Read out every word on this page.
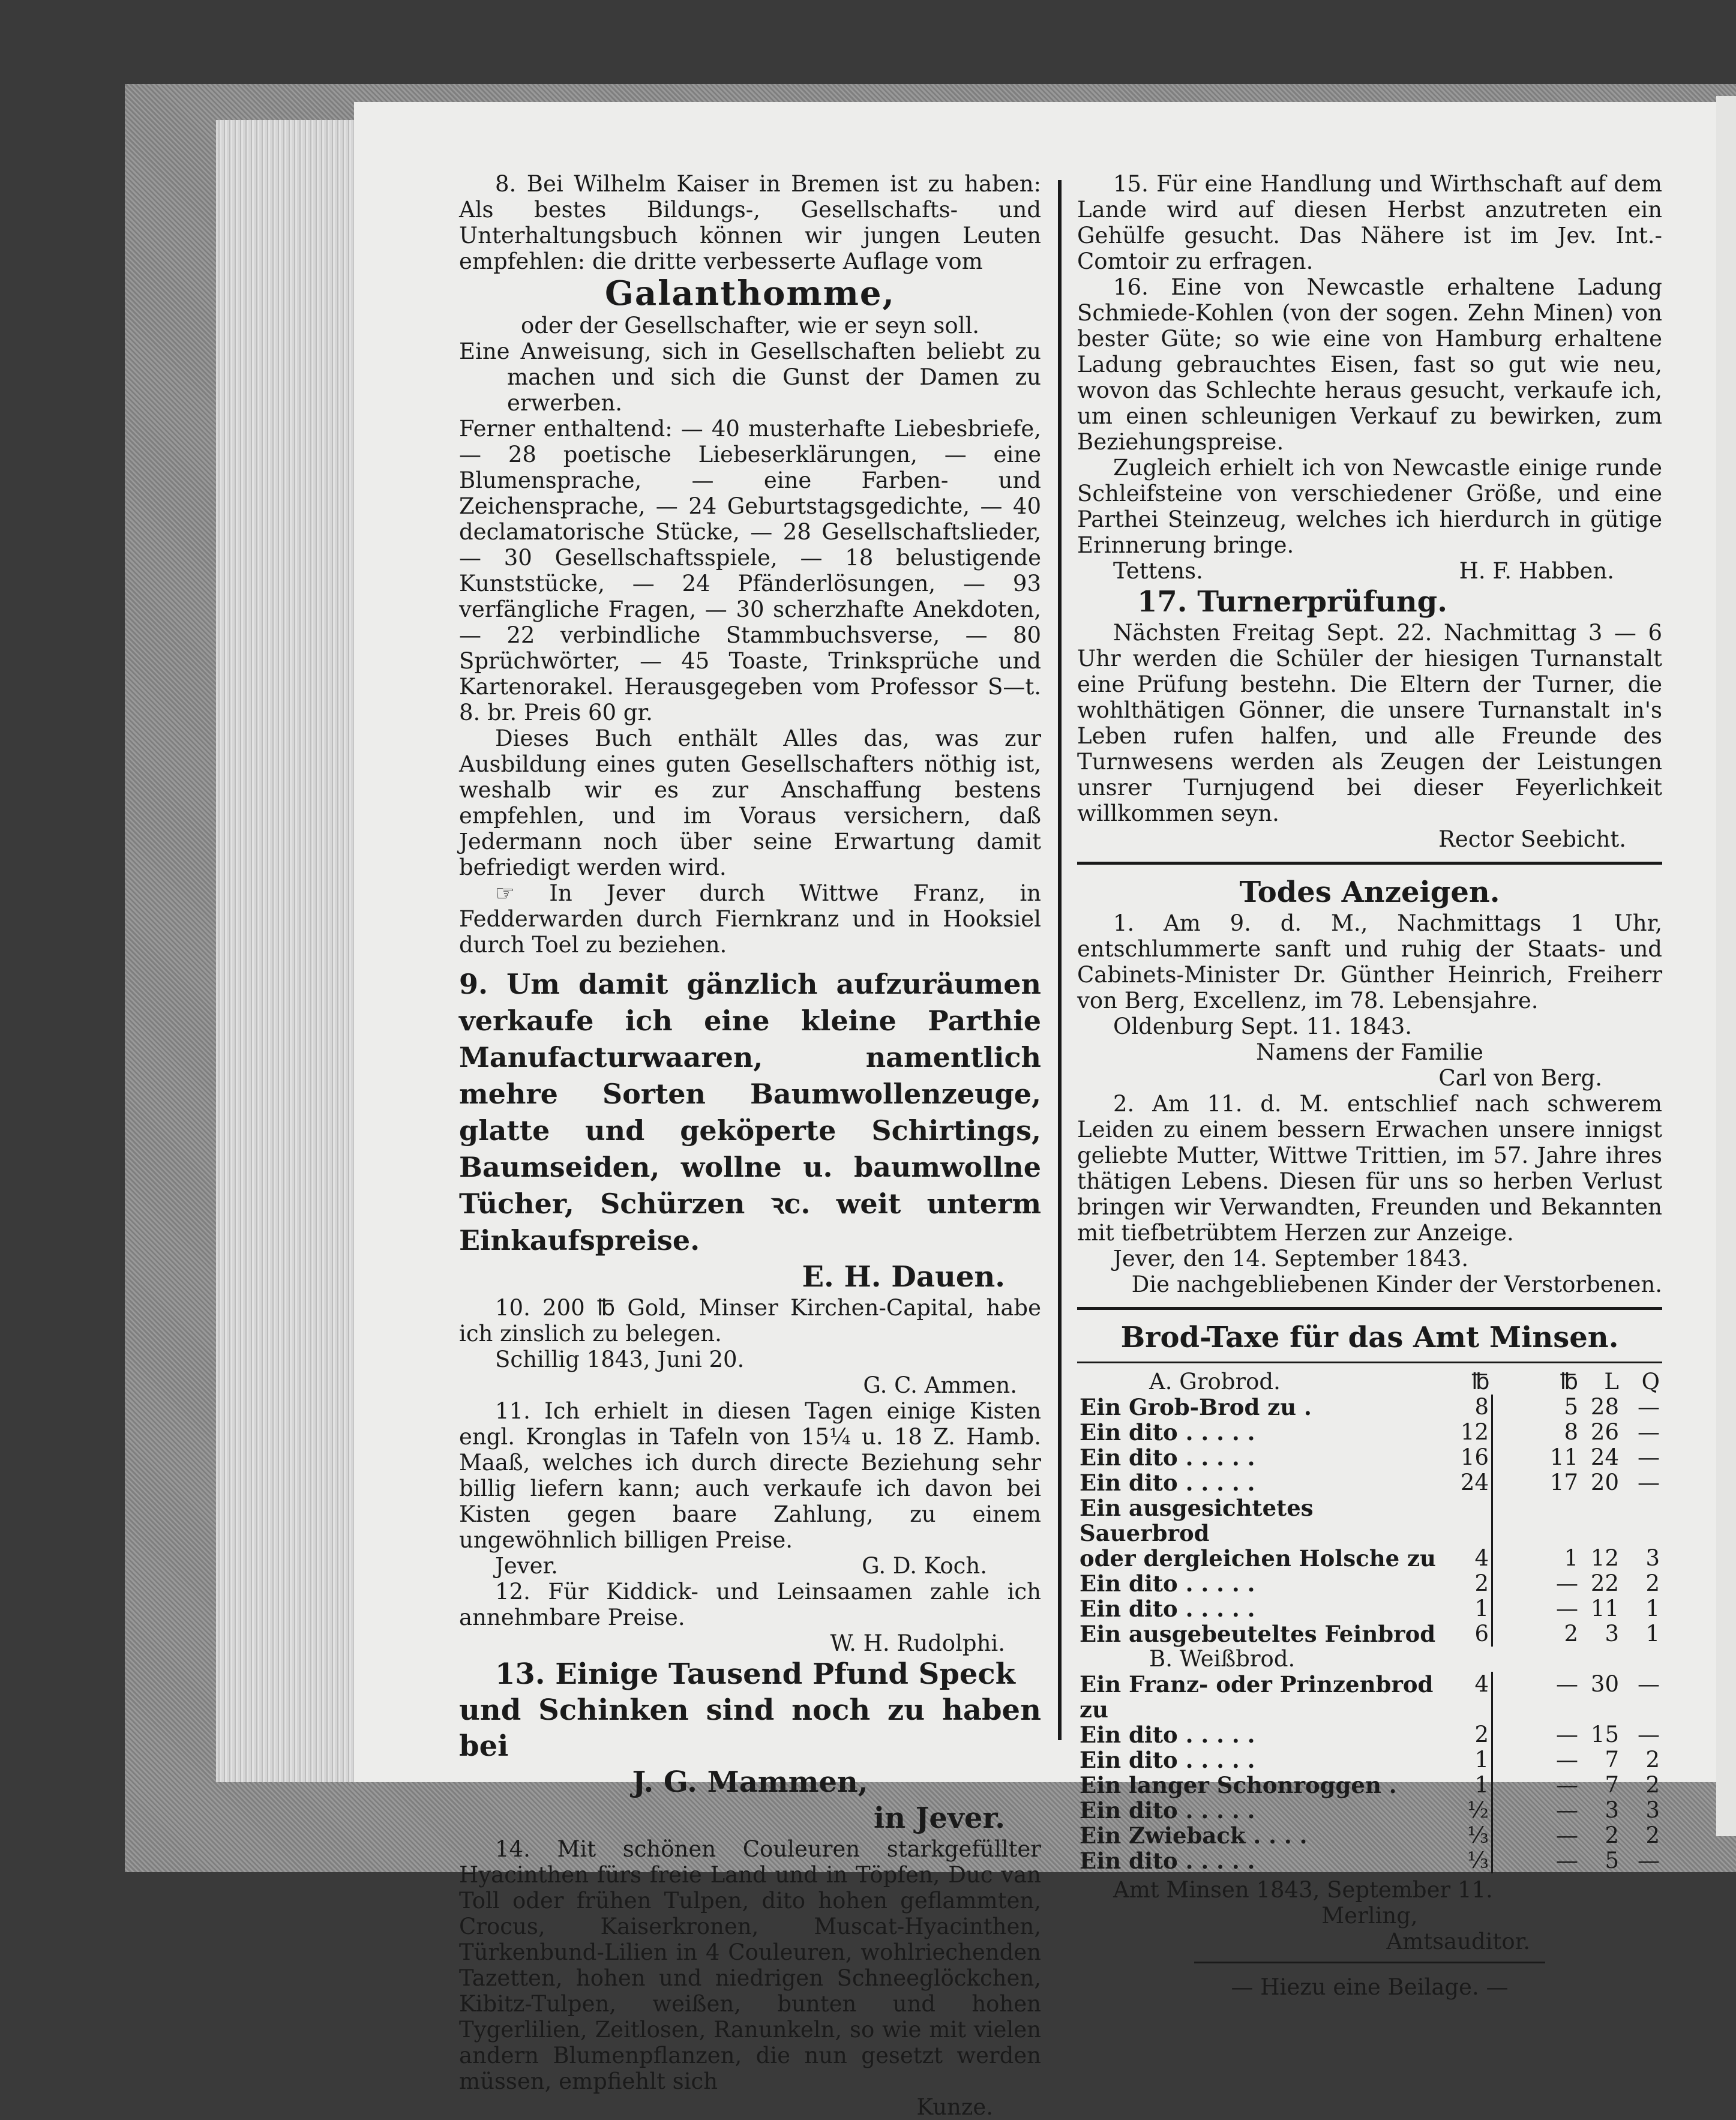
8. Bei Wilhelm Kaiser in Bremen ist zu haben: Als bestes Bildungs-, Gesellschafts- und Unterhaltungsbuch können wir jungen Leuten empfehlen: die dritte verbesserte Auflage vom

Galanthomme,

oder der Gesellschafter, wie er seyn soll.

Eine Anweisung, sich in Gesellschaften beliebt zu machen und sich die Gunst der Damen zu erwerben.

Ferner enthaltend: — 40 musterhafte Liebesbriefe, — 28 poetische Liebeserklärungen, — eine Blumensprache, — eine Farben- und Zeichensprache, — 24 Geburtstagsgedichte, — 40 declamatorische Stücke, — 28 Gesellschaftslieder, — 30 Gesellschaftsspiele, — 18 belustigende Kunststücke, — 24 Pfänderlösungen, — 93 verfängliche Fragen, — 30 scherzhafte Anekdoten, — 22 verbindliche Stammbuchsverse, — 80 Sprüchwörter, — 45 Toaste, Trinksprüche und Kartenorakel. Herausgegeben vom Professor S—t. 8. br. Preis 60 gr.

Dieses Buch enthält Alles das, was zur Ausbildung eines guten Gesellschafters nöthig ist, weshalb wir es zur Anschaffung bestens empfehlen, und im Voraus versichern, daß Jedermann noch über seine Erwartung damit befriedigt werden wird.

☞ In Jever durch Wittwe Franz, in Fedderwarden durch Fiernkranz und in Hooksiel durch Toel zu beziehen.

9. Um damit gänzlich aufzuräumen verkaufe ich eine kleine Parthie Manufacturwaaren, namentlich mehre Sorten Baumwollenzeuge, glatte und geköperte Schirtings, Baumseiden, wollne u. baumwollne Tücher, Schürzen ꝛc. weit unterm Einkaufspreise.

E. H. Dauen.

10. 200 ℔ Gold, Minser Kirchen-Capital, habe ich zinslich zu belegen.

Schillig 1843, Juni 20.

G. C. Ammen.

11. Ich erhielt in diesen Tagen einige Kisten engl. Kronglas in Tafeln von 15¼ u. 18 Z. Hamb. Maaß, welches ich durch directe Beziehung sehr billig liefern kann; auch verkaufe ich davon bei Kisten gegen baare Zahlung, zu einem ungewöhnlich billigen Preise.

Jever.	G. D. Koch.

12. Für Kiddick- und Leinsaamen zahle ich annehmbare Preise.

W. H. Rudolphi.

13. Einige Tausend Pfund Speck

und Schinken sind noch zu haben bei

J. G. Mammen,

in Jever.

14. Mit schönen Couleuren starkgefüllter Hyacinthen fürs freie Land und in Töpfen, Duc van Toll oder frühen Tulpen, dito hohen geflammten, Crocus, Kaiserkronen, Muscat-Hyacinthen, Türkenbund-Lilien in 4 Couleuren, wohlriechenden Tazetten, hohen und niedrigen Schneeglöckchen, Kibitz-Tulpen, weißen, bunten und hohen Tygerlilien, Zeitlosen, Ranunkeln, so wie mit vielen andern Blumenpflanzen, die nun gesetzt werden müssen, empfiehlt sich

Kunze.

15. Für eine Handlung und Wirthschaft auf dem Lande wird auf diesen Herbst anzutreten ein Gehülfe gesucht. Das Nähere ist im Jev. Int.-Comtoir zu erfragen.

16. Eine von Newcastle erhaltene Ladung Schmiede-Kohlen (von der sogen. Zehn Minen) von bester Güte; so wie eine von Hamburg erhaltene Ladung gebrauchtes Eisen, fast so gut wie neu, wovon das Schlechte heraus gesucht, verkaufe ich, um einen schleunigen Verkauf zu bewirken, zum Beziehungspreise.

Zugleich erhielt ich von Newcastle einige runde Schleifsteine von verschiedener Größe, und eine Parthei Steinzeug, welches ich hierdurch in gütige Erinnerung bringe.

Tettens.	H. F. Habben.

17. Turnerprüfung.

Nächsten Freitag Sept. 22. Nachmittag 3 — 6 Uhr werden die Schüler der hiesigen Turnanstalt eine Prüfung bestehn. Die Eltern der Turner, die wohlthätigen Gönner, die unsere Turnanstalt in's Leben rufen halfen, und alle Freunde des Turnwesens werden als Zeugen der Leistungen unsrer Turnjugend bei dieser Feyerlichkeit willkommen seyn.

Rector Seebicht.

Todes Anzeigen.

1. Am 9. d. M., Nachmittags 1 Uhr, entschlummerte sanft und ruhig der Staats- und Cabinets-Minister Dr. Günther Heinrich, Freiherr von Berg, Excellenz, im 78. Lebensjahre.

Oldenburg Sept. 11. 1843.

Namens der Familie

Carl von Berg.

2. Am 11. d. M. entschlief nach schwerem Leiden zu einem bessern Erwachen unsere innigst geliebte Mutter, Wittwe Trittien, im 57. Jahre ihres thätigen Lebens. Diesen für uns so herben Verlust bringen wir Verwandten, Freunden und Bekannten mit tiefbetrübtem Herzen zur Anzeige.

Jever, den 14. September 1843.

Die nachgebliebenen Kinder der Verstorbenen.

Brod-Taxe für das Amt Minsen.

A. Grobrod.	℔		℔	L	Q
Ein Grob-Brod zu .	8		5	28	—
Ein dito . . . . .	12		8	26	—
Ein dito . . . . .	16		11	24	—
Ein dito . . . . .	24		17	20	—
Ein ausgesichtetes Sauerbrod					
oder dergleichen Holsche zu	4		1	12	3
Ein dito . . . . .	2		—	22	2
Ein dito . . . . .	1		—	11	1
Ein ausgebeuteltes Feinbrod	6		2	3	1
B. Weißbrod.					
Ein Franz- oder Prinzenbrod zu	4		—	30	—
Ein dito . . . . .	2		—	15	—
Ein dito . . . . .	1		—	7	2
Ein langer Schonroggen .	1		—	7	2
Ein dito . . . . .	½		—	3	3
Ein Zwieback . . . .	⅓		—	2	2
Ein dito . . . . .	⅓		—	5	—

Amt Minsen 1843, September 11.

Merling,

Amtsauditor.

— Hiezu eine Beilage. —
